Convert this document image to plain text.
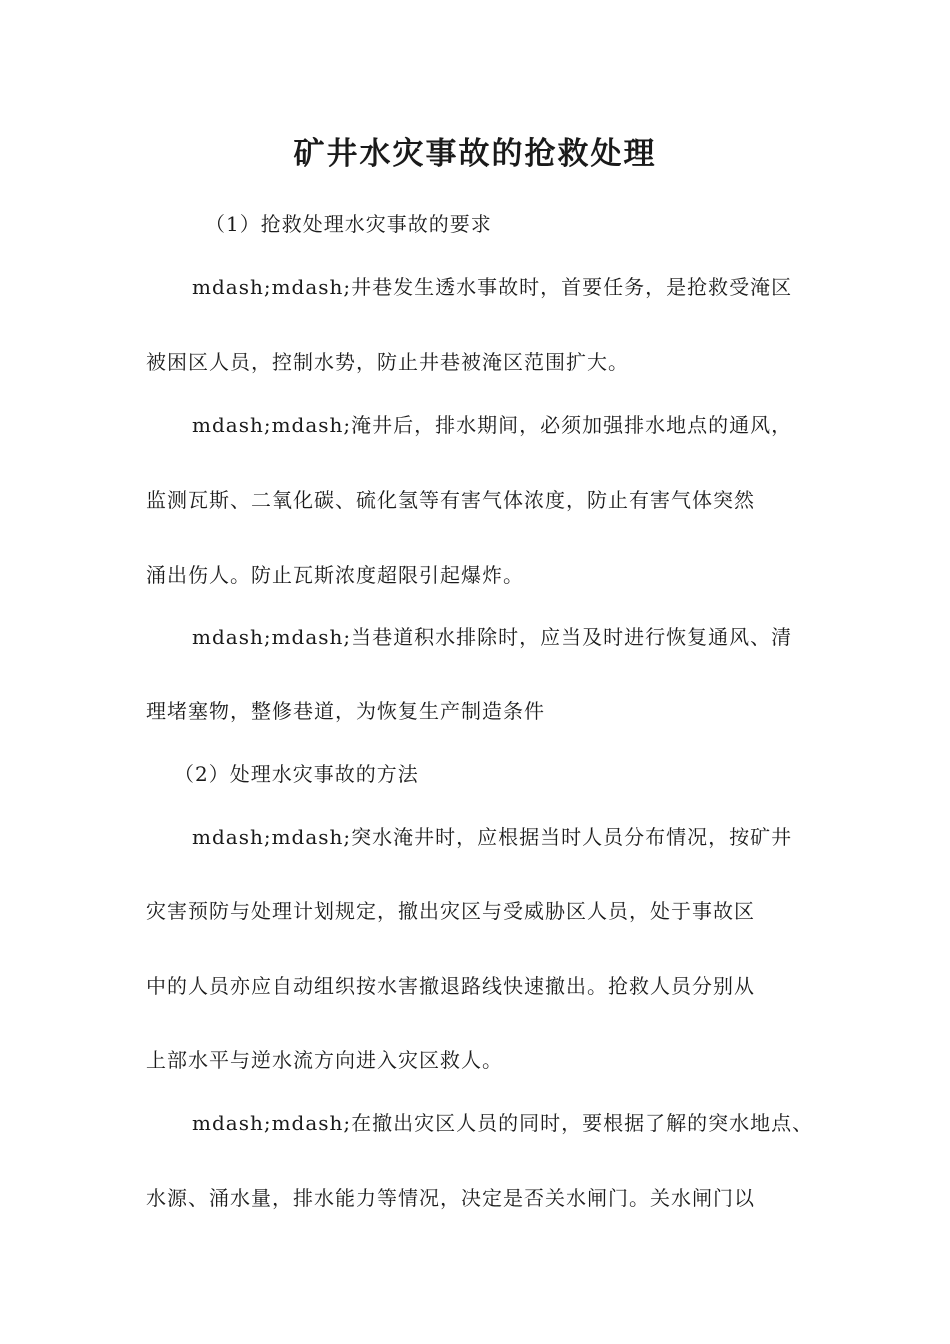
矿井水灾事故的抢救处理

（1）抢救处理水灾事故的要求

mdash;mdash;井巷发生透水事故时，首要任务，是抢救受淹区

被困区人员，控制水势，防止井巷被淹区范围扩大。

mdash;mdash;淹井后，排水期间，必须加强排水地点的通风，

监测瓦斯、二氧化碳、硫化氢等有害气体浓度，防止有害气体突然

涌出伤人。防止瓦斯浓度超限引起爆炸。

mdash;mdash;当巷道积水排除时，应当及时进行恢复通风、清

理堵塞物，整修巷道，为恢复生产制造条件

（2）处理水灾事故的方法

mdash;mdash;突水淹井时，应根据当时人员分布情况，按矿井

灾害预防与处理计划规定，撤出灾区与受威胁区人员，处于事故区

中的人员亦应自动组织按水害撤退路线快速撤出。抢救人员分别从

上部水平与逆水流方向进入灾区救人。

mdash;mdash;在撤出灾区人员的同时，要根据了解的突水地点、

水源、涌水量，排水能力等情况，决定是否关水闸门。关水闸门以
